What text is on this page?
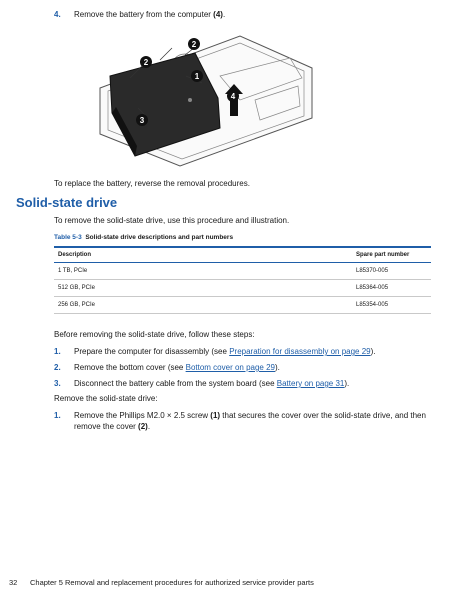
4. Remove the battery from the computer (4).
1
2
2
3
4
To replace the battery, reverse the removal procedures.
Solid-state drive
To remove the solid-state drive, use this procedure and illustration.
Table 5-3 Solid-state drive descriptions and part numbers
Description	Spare part number
1 TB, PCIe	L85370-005
512 GB, PCIe	L85364-005
256 GB, PCIe	L85354-005
Before removing the solid-state drive, follow these steps:
1. Prepare the computer for disassembly (see Preparation for disassembly on page 29).
2. Remove the bottom cover (see Bottom cover on page 29).
3. Disconnect the battery cable from the system board (see Battery on page 31).
Remove the solid-state drive:
1. Remove the Phillips M2.0 × 2.5 screw (1) that secures the cover over the solid-state drive, and then
remove the cover (2).
32 Chapter 5 Removal and replacement procedures for authorized service provider parts
